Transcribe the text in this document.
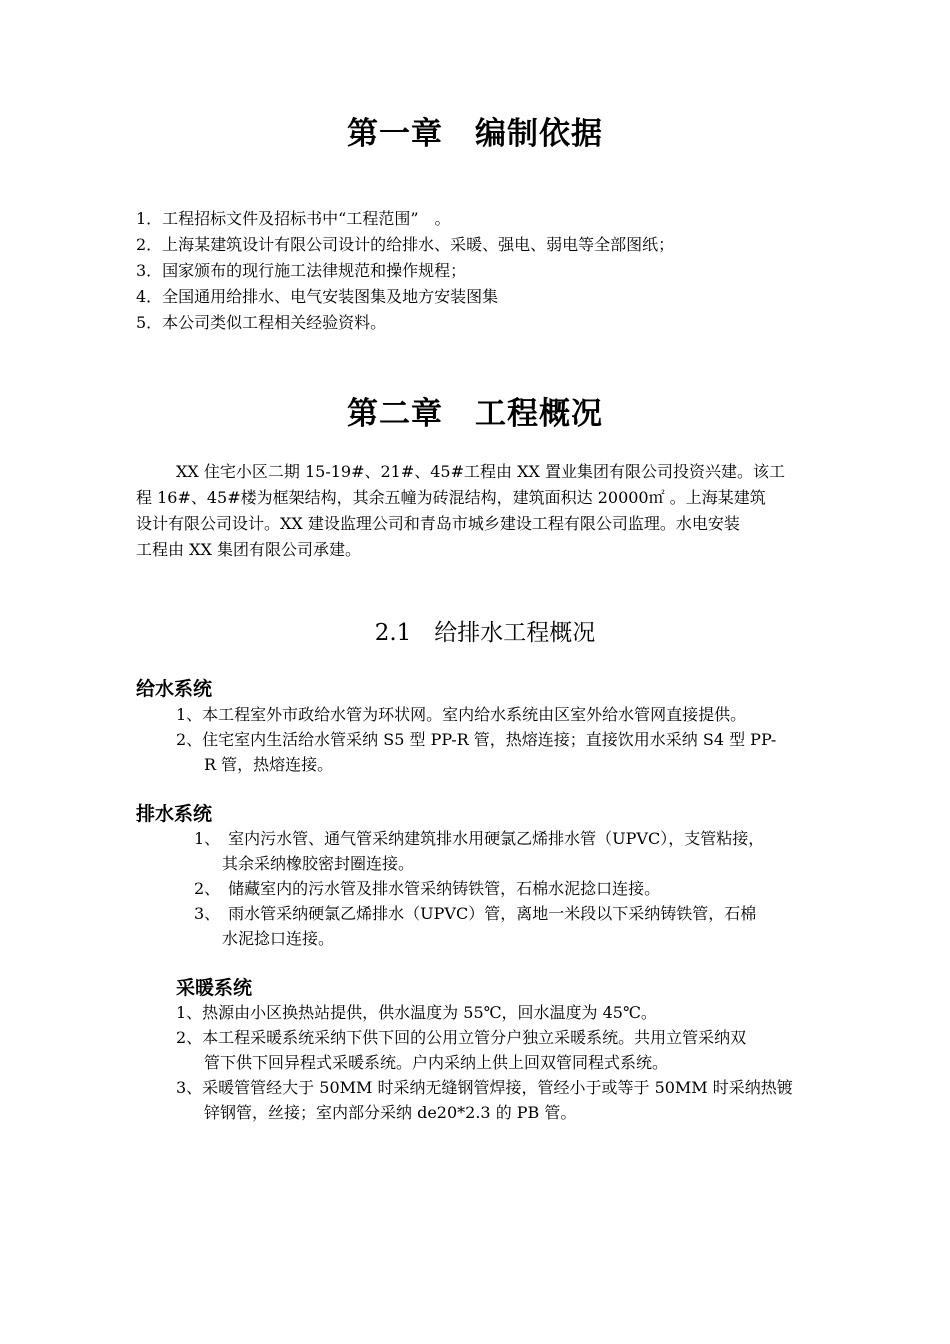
第一章　编制依据
1．工程招标文件及招标书中“工程范围”　。
2．上海某建筑设计有限公司设计的给排水、采暖、强电、弱电等全部图纸；
3．国家颁布的现行施工法律规范和操作规程；
4．全国通用给排水、电气安装图集及地方安装图集
5．本公司类似工程相关经验资料。
第二章　工程概况
XX 住宅小区二期 15-19#、21#、45#工程由 XX 置业集团有限公司投资兴建。该工
程 16#、45#楼为框架结构，其余五幢为砖混结构，建筑面积达 20000㎡ 。上海某建筑
设计有限公司设计。XX 建设监理公司和青岛市城乡建设工程有限公司监理。水电安装
工程由 XX 集团有限公司承建。
2.1　给排水工程概况
给水系统
1、本工程室外市政给水管为环状网。室内给水系统由区室外给水管网直接提供。
2、住宅室内生活给水管采纳 S5 型 PP-R 管，热熔连接；直接饮用水采纳 S4 型 PP-
R 管，热熔连接。
排水系统
1、　室内污水管、通气管采纳建筑排水用硬氯乙烯排水管（UPVC），支管粘接，
其余采纳橡胶密封圈连接。
2、　储藏室内的污水管及排水管采纳铸铁管，石棉水泥捻口连接。
3、　雨水管采纳硬氯乙烯排水（UPVC）管，离地一米段以下采纳铸铁管，石棉
水泥捻口连接。
采暖系统
1、热源由小区换热站提供，供水温度为 55℃，回水温度为 45℃。
2、本工程采暖系统采纳下供下回的公用立管分户独立采暖系统。共用立管采纳双
管下供下回异程式采暖系统。户内采纳上供上回双管同程式系统。
3、采暖管管经大于 50MM 时采纳无缝钢管焊接，管经小于或等于 50MM 时采纳热镀
锌钢管，丝接；室内部分采纳 de20*2.3 的 PB 管。
